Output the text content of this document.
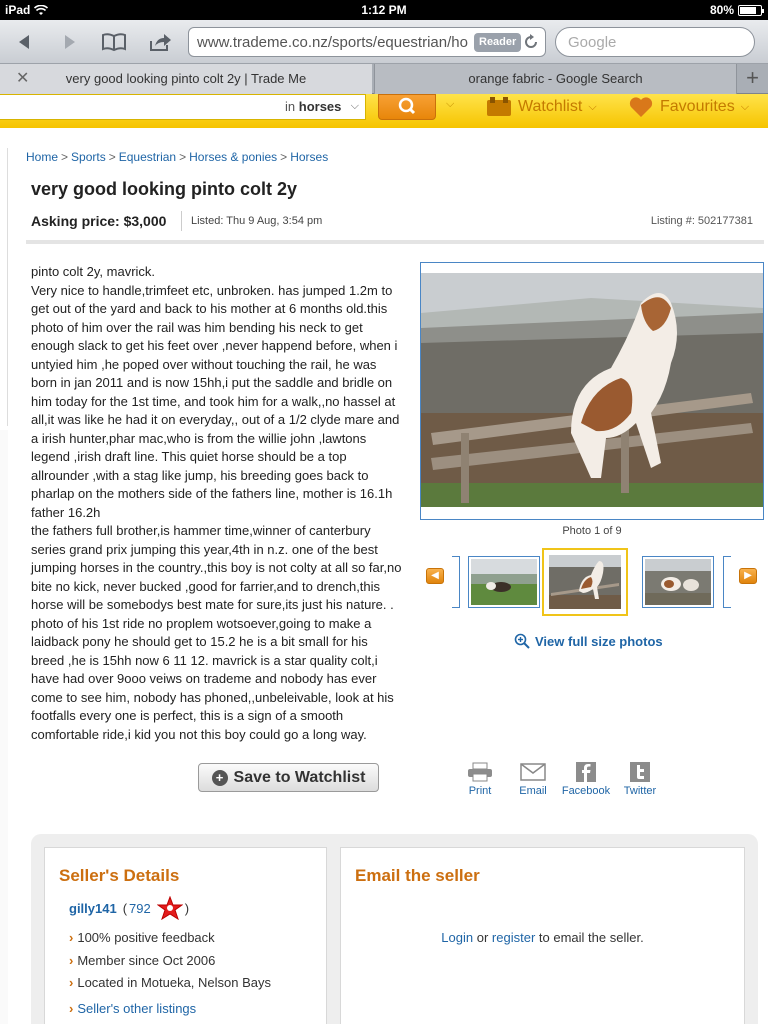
iPad	1:12 PM	80%
www.trademe.co.nz/sports/equestrian/ho	Reader	Google
✕	very good looking pinto colt 2y | Trade Me	orange fabric - Google Search	+
in horses ⌵	⌵	Watchlist ⌵	Favourites ⌵
Home > Sports > Equestrian > Horses & ponies > Horses
very good looking pinto colt 2y
Asking price: $3,000 Listed: Thu 9 Aug, 3:54 pm	Listing #: 502177381
pinto colt 2y, mavrick.
Very nice to handle,trimfeet etc, unbroken. has jumped 1.2m to get out of the yard and back to his mother at 6 months old.this photo of him over the rail was him bending his neck to get enough slack to get his feet over ,never happend before, when i untyied him ,he poped over without touching the rail, he was born in jan 2011 and is now 15hh,i put the saddle and bridle on him today for the 1st time, and took him for a walk,,no hassel at all,it was like he had it on everyday,, out of a 1/2 clyde mare and a irish hunter,phar mac,who is from the willie john ,lawtons legend ,irish draft line. This quiet horse should be a top allrounder ,with a stag like jump, his breeding goes back to pharlap on the mothers side of the fathers line, mother is 16.1h father 16.2h
the fathers full brother,is hammer time,winner of canterbury series grand prix jumping this year,4th in n.z. one of the best jumping horses in the country.,this boy is not colty at all so far,no bite no kick, never bucked ,good for farrier,and to drench,this horse will be somebodys best mate for sure,its just his nature. . photo of his 1st ride no proplem wotsoever,going to make a laidback pony he should get to 15.2 he is a bit small for his breed ,he is 15hh now 6 11 12. mavrick is a star quality colt,i have had over 9ooo veiws on trademe and nobody has ever come to see him, nobody has phoned,,unbeleivable, look at his footfalls every one is perfect, this is a sign of a smooth comfortable ride,i kid you not this boy could go a long way.
Photo 1 of 9
◀	▶
View full size photos
+ Save to Watchlist
Print	Email	Facebook	Twitter
Seller's Details
gilly141 ( 792	)
› 100% positive feedback
› Member since Oct 2006
› Located in Motueka, Nelson Bays
› Seller's other listings
Email the seller
Login or register to email the seller.
